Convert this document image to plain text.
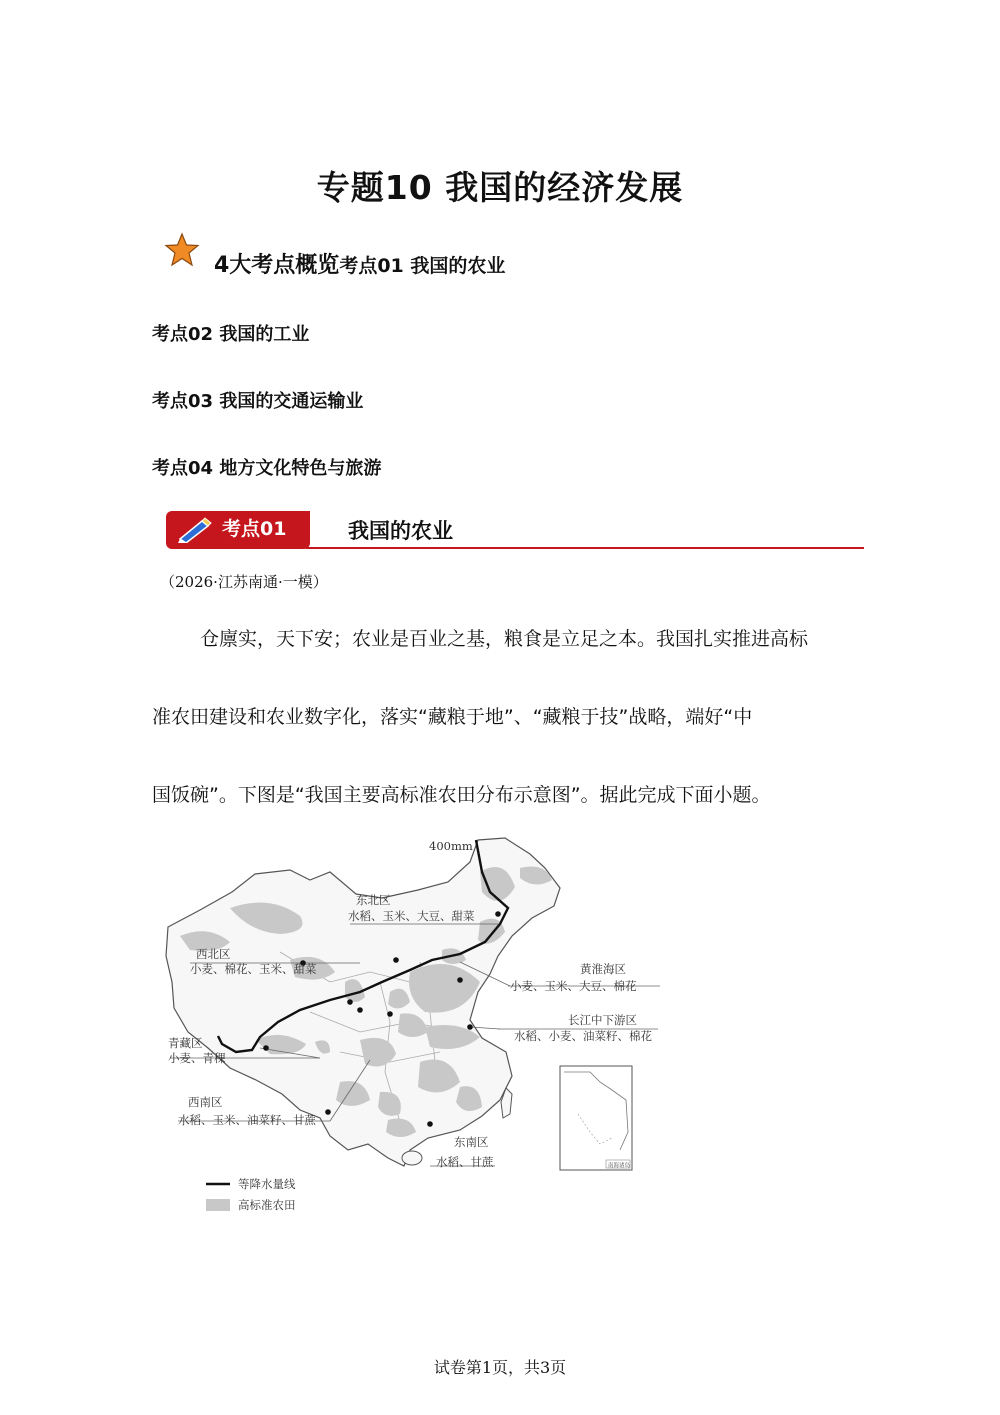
专题10 我国的经济发展
4大考点概览考点01 我国的农业
考点02 我国的工业
考点03 我国的交通运输业
考点04 地方文化特色与旅游
考点01	我国的农业
（2026·江苏南通·一模）
仓廪实，天下安；农业是百业之基，粮食是立足之本。我国扎实推进高标
准农田建设和农业数字化，落实“藏粮于地”、“藏粮于技”战略，端好“中
国饭碗”。下图是“我国主要高标准农田分布示意图”。据此完成下面小题。
400mm
东北区
水稻、玉米、大豆、甜菜
西北区
小麦、棉花、玉米、甜菜	黄淮海区
小麦、玉米、大豆、棉花
长江中下游区
水稻、小麦、油菜籽、棉花
青藏区
小麦、青稞
西南区
水稻、玉米、油菜籽、甘蔗
东南区
水稻、甘蔗	南海诸岛
等降水量线
高标准农田
试卷第1页，共3页
